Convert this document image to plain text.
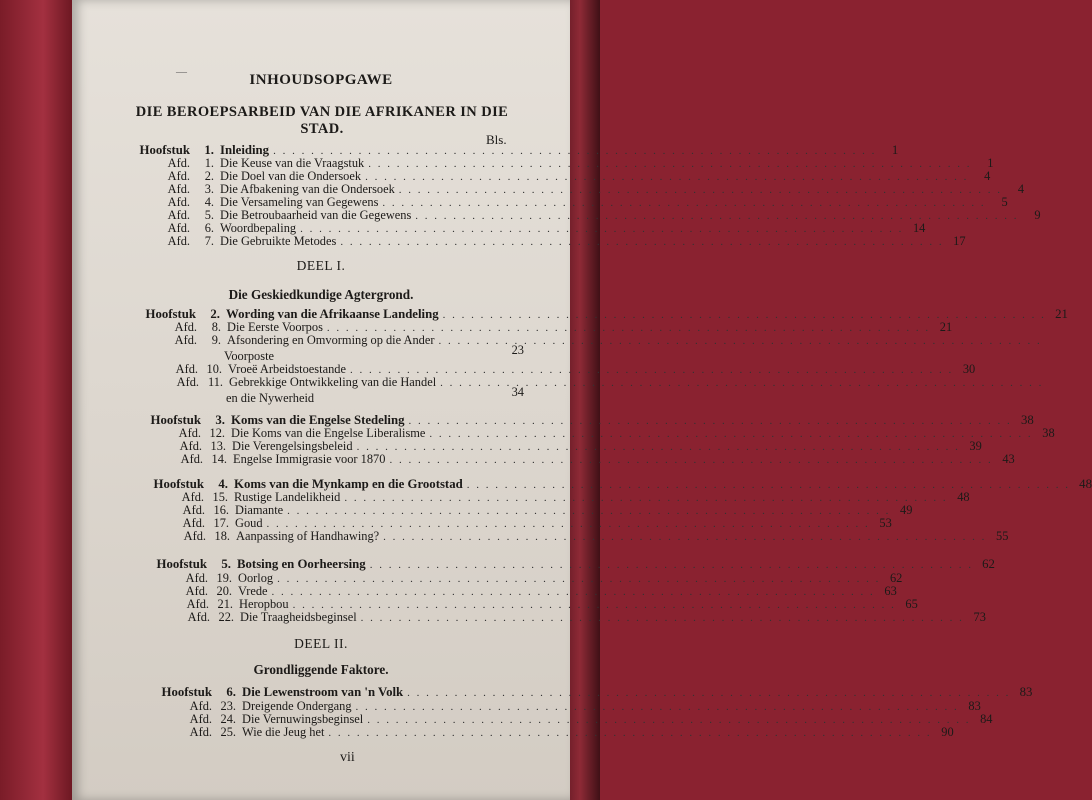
—	INHOUDSOPGAWE
DIE BEROEPSARBEID VAN DIE AFRIKANER IN DIE STAD.
Bls.
Hoofstuk	1. Inleiding . . . . . . . . . . . . . . . . . . . . . . . . . . . . . . . . . . . . . . . . . . . . . . . . . . . . . . . . . . . . . . . .	1
Afd.	1. Die Keuse van die Vraagstuk . . . . . . . . . . . . . . . . . . . . . . . . . . . . . . . . . . . . . . . . . . . . . . . . . . . . . . . . . . . . . . . .	1
Afd.	2. Die Doel van die Ondersoek . . . . . . . . . . . . . . . . . . . . . . . . . . . . . . . . . . . . . . . . . . . . . . . . . . . . . . . . . . . . . . . .	4
Afd.	3. Die Afbakening van die Ondersoek . . . . . . . . . . . . . . . . . . . . . . . . . . . . . . . . . . . . . . . . . . . . . . . . . . . . . . . . . . . . . . . .	4
Afd.	4. Die Versameling van Gegewens . . . . . . . . . . . . . . . . . . . . . . . . . . . . . . . . . . . . . . . . . . . . . . . . . . . . . . . . . . . . . . . .	5
Afd.	5. Die Betroubaarheid van die Gegewens . . . . . . . . . . . . . . . . . . . . . . . . . . . . . . . . . . . . . . . . . . . . . . . . . . . . . . . . . . . . . . . .	9
Afd.	6. Woordbepaling . . . . . . . . . . . . . . . . . . . . . . . . . . . . . . . . . . . . . . . . . . . . . . . . . . . . . . . . . . . . . . . . 14
Afd.	7. Die Gebruikte Metodes . . . . . . . . . . . . . . . . . . . . . . . . . . . . . . . . . . . . . . . . . . . . . . . . . . . . . . . . . . . . . . . . 17
DEEL I.
Die Geskiedkundige Agtergrond.
Hoofstuk	2. Wording van die Afrikaanse Landeling . . . . . . . . . . . . . . . . . . . . . . . . . . . . . . . . . . . . . . . . . . . . . . . . . . . . . . . . . . . . . . . . 21
Afd.	8. Die Eerste Voorpos . . . . . . . . . . . . . . . . . . . . . . . . . . . . . . . . . . . . . . . . . . . . . . . . . . . . . . . . . . . . . . . . 21
Afd.	9. Afsondering en Omvorming op die Ander . . . . . . . . . . . . . . . . . . . . . . . . . . . . . . . . . . . . . . . . . . . . . . . . . . . . . . . . . . . . . . . .
Voorposte	23
Afd. 10. Vroeë Arbeidstoestande . . . . . . . . . . . . . . . . . . . . . . . . . . . . . . . . . . . . . . . . . . . . . . . . . . . . . . . . . . . . . . . . 30
Afd. 11. Gebrekkige Ontwikkeling van die Handel . . . . . . . . . . . . . . . . . . . . . . . . . . . . . . . . . . . . . . . . . . . . . . . . . . . . . . . . . . . . . . . .
en die Nywerheid	34
Hoofstuk	3. Koms van die Engelse Stedeling . . . . . . . . . . . . . . . . . . . . . . . . . . . . . . . . . . . . . . . . . . . . . . . . . . . . . . . . . . . . . . . . 38
Afd. 12. Die Koms van die Engelse Liberalisme . . . . . . . . . . . . . . . . . . . . . . . . . . . . . . . . . . . . . . . . . . . . . . . . . . . . . . . . . . . . . . . . 38
Afd. 13. Die Verengelsingsbeleid . . . . . . . . . . . . . . . . . . . . . . . . . . . . . . . . . . . . . . . . . . . . . . . . . . . . . . . . . . . . . . . . 39
Afd. 14. Engelse Immigrasie voor 1870 . . . . . . . . . . . . . . . . . . . . . . . . . . . . . . . . . . . . . . . . . . . . . . . . . . . . . . . . . . . . . . . . 43
Hoofstuk	4. Koms van die Mynkamp en die Grootstad . . . . . . . . . . . . . . . . . . . . . . . . . . . . . . . . . . . . . . . . . . . . . . . . . . . . . . . . . . . . . . . . 48
Afd. 15. Rustige Landelikheid . . . . . . . . . . . . . . . . . . . . . . . . . . . . . . . . . . . . . . . . . . . . . . . . . . . . . . . . . . . . . . . . 48
Afd. 16. Diamante . . . . . . . . . . . . . . . . . . . . . . . . . . . . . . . . . . . . . . . . . . . . . . . . . . . . . . . . . . . . . . . . 49
Afd. 17. Goud . . . . . . . . . . . . . . . . . . . . . . . . . . . . . . . . . . . . . . . . . . . . . . . . . . . . . . . . . . . . . . . . 53
Afd. 18. Aanpassing of Handhawing? . . . . . . . . . . . . . . . . . . . . . . . . . . . . . . . . . . . . . . . . . . . . . . . . . . . . . . . . . . . . . . . . 55
Hoofstuk	5. Botsing en Oorheersing . . . . . . . . . . . . . . . . . . . . . . . . . . . . . . . . . . . . . . . . . . . . . . . . . . . . . . . . . . . . . . . . 62
Afd. 19. Oorlog . . . . . . . . . . . . . . . . . . . . . . . . . . . . . . . . . . . . . . . . . . . . . . . . . . . . . . . . . . . . . . . . 62
Afd. 20. Vrede . . . . . . . . . . . . . . . . . . . . . . . . . . . . . . . . . . . . . . . . . . . . . . . . . . . . . . . . . . . . . . . . 63
Afd. 21. Heropbou . . . . . . . . . . . . . . . . . . . . . . . . . . . . . . . . . . . . . . . . . . . . . . . . . . . . . . . . . . . . . . . . 65
Afd. 22. Die Traagheidsbeginsel . . . . . . . . . . . . . . . . . . . . . . . . . . . . . . . . . . . . . . . . . . . . . . . . . . . . . . . . . . . . . . . . 73
DEEL II.
Grondliggende Faktore.
Hoofstuk	6. Die Lewenstroom van 'n Volk . . . . . . . . . . . . . . . . . . . . . . . . . . . . . . . . . . . . . . . . . . . . . . . . . . . . . . . . . . . . . . . . 83
Afd. 23. Dreigende Ondergang . . . . . . . . . . . . . . . . . . . . . . . . . . . . . . . . . . . . . . . . . . . . . . . . . . . . . . . . . . . . . . . . 83
Afd. 24. Die Vernuwingsbeginsel . . . . . . . . . . . . . . . . . . . . . . . . . . . . . . . . . . . . . . . . . . . . . . . . . . . . . . . . . . . . . . . . 84
Afd. 25. Wie die Jeug het . . . . . . . . . . . . . . . . . . . . . . . . . . . . . . . . . . . . . . . . . . . . . . . . . . . . . . . . . . . . . . . . 90
vii
